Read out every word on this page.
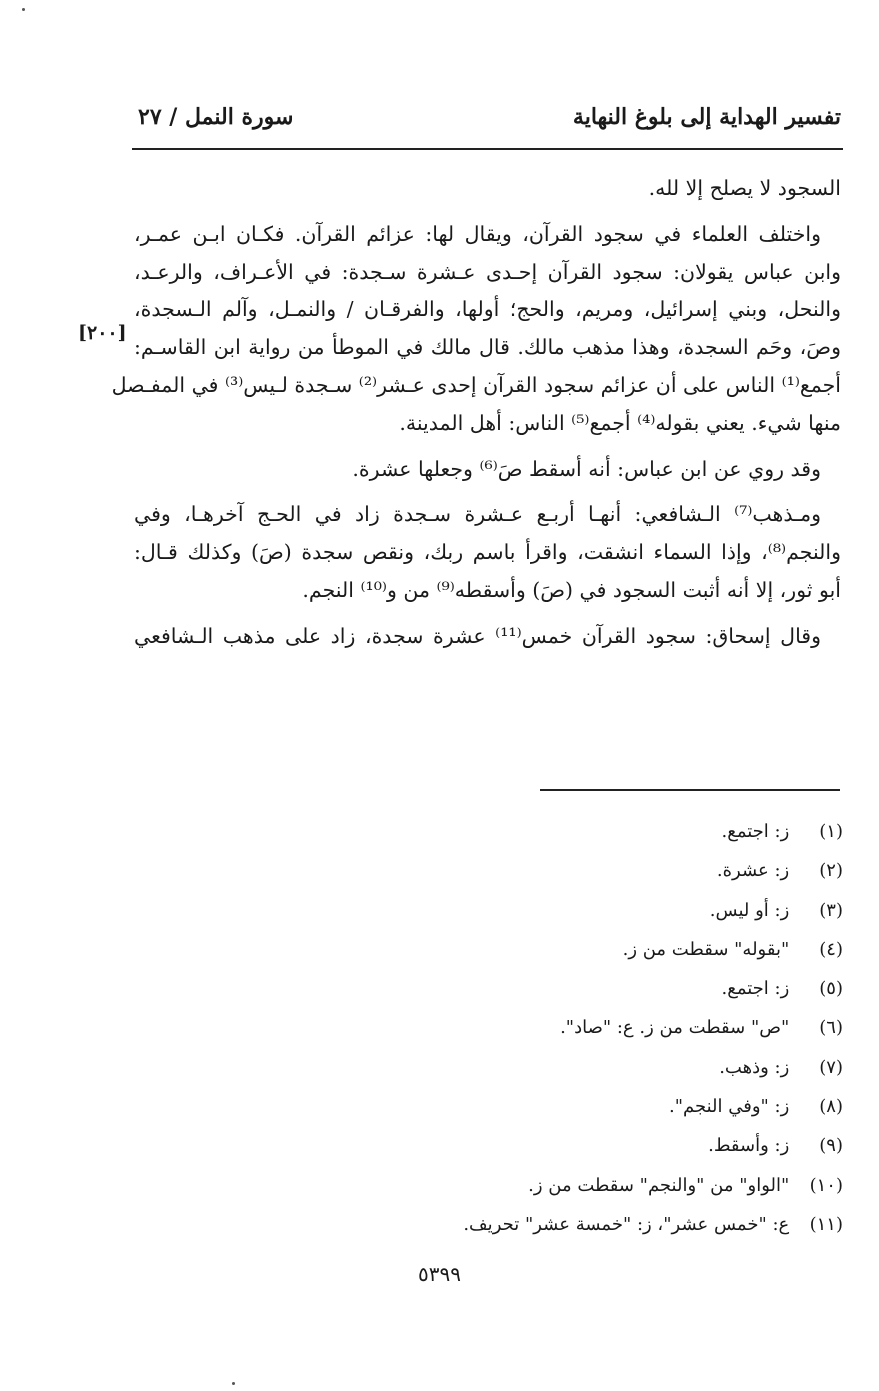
تفسير الهداية إلى بلوغ النهاية
سورة النمل / ٢٧
[٢٠٠]
السجود لا يصلح إلا لله.
واختلف العلماء في سجود القرآن، ويقال لها: عزائم القرآن. فكـان ابـن عمـر،
وابن عباس يقولان: سجود القرآن إحـدى عـشرة سـجدة: في الأعـراف، والرعـد،
والنحل، وبني إسرائيل، ومريم، والحج؛ أولها، والفرقـان / والنمـل، وآلم الـسجدة،
وصَ، وحَم السجدة، وهذا مذهب مالك. قال مالك في الموطأ من رواية ابن القاسـم:
أجمع⁽¹⁾ الناس على أن عزائم سجود القرآن إحدى عـشر⁽²⁾ سـجدة لـيس⁽³⁾ في المفـصل
منها شيء. يعني بقوله⁽⁴⁾ أجمع⁽⁵⁾ الناس: أهل المدينة.
وقد روي عن ابن عباس: أنه أسقط صَ⁽⁶⁾ وجعلها عشرة.
ومـذهب⁽⁷⁾ الـشافعي: أنهـا أربـع عـشرة سـجدة زاد في الحـج آخرهـا، وفي
والنجم⁽⁸⁾، وإذا السماء انشقت، واقرأ باسم ربك، ونقص سجدة (صَ) وكذلك قـال:
أبو ثور، إلا أنه أثبت السجود في (صَ) وأسقطه⁽⁹⁾ من و⁽¹⁰⁾ النجم.
وقال إسحاق: سجود القرآن خمس⁽¹¹⁾ عشرة سجدة، زاد على مذهب الـشافعي
(١) ز: اجتمع.
(٢) ز: عشرة.
(٣) ز: أو ليس.
(٤) "بقوله" سقطت من ز.
(٥) ز: اجتمع.
(٦) "ص" سقطت من ز. ع: "صاد".
(٧) ز: وذهب.
(٨) ز: "وفي النجم".
(٩) ز: وأسقط.
(١٠) "الواو" من "والنجم" سقطت من ز.
(١١) ع: "خمس عشر"، ز: "خمسة عشر" تحريف.
٥٣٩٩
